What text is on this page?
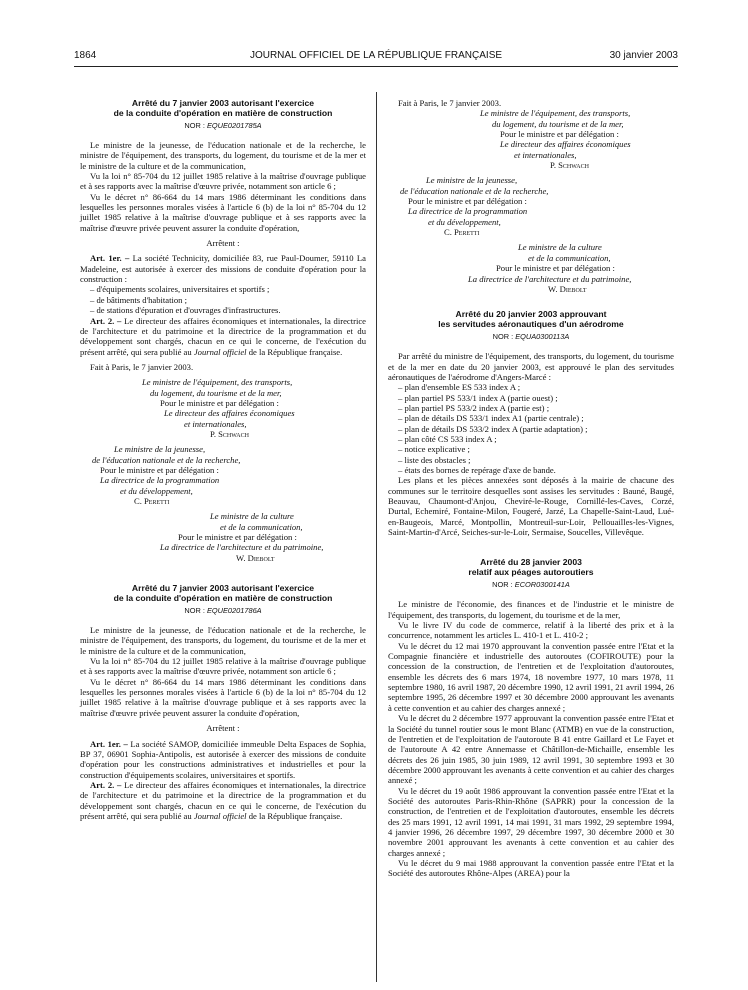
1864	JOURNAL OFFICIEL DE LA RÉPUBLIQUE FRANÇAISE	30 janvier 2003
Arrêté du 7 janvier 2003 autorisant l'exercice
de la conduite d'opération en matière de construction
NOR : EQUE0201785A

Le ministre de la jeunesse, de l'éducation nationale et de la recherche, le ministre de l'équipement, des transports, du logement, du tourisme et de la mer et le ministre de la culture et de la communication,

Vu la loi n° 85-704 du 12 juillet 1985 relative à la maîtrise d'ouvrage publique et à ses rapports avec la maîtrise d'œuvre privée, notamment son article 6 ;

Vu le décret n° 86-664 du 14 mars 1986 déterminant les conditions dans lesquelles les personnes morales visées à l'article 6 (b) de la loi n° 85-704 du 12 juillet 1985 relative à la maîtrise d'ouvrage publique et à ses rapports avec la maîtrise d'œuvre privée peuvent assurer la conduite d'opération,

Arrêtent :

Art. 1er. – La société Technicity, domiciliée 83, rue Paul-Doumer, 59110 La Madeleine, est autorisée à exercer des missions de conduite d'opération pour la construction :

– d'équipements scolaires, universitaires et sportifs ;

– de bâtiments d'habitation ;

– de stations d'épuration et d'ouvrages d'infrastructures.

Art. 2. – Le directeur des affaires économiques et internationales, la directrice de l'architecture et du patrimoine et la directrice de la programmation et du développement sont chargés, chacun en ce qui le concerne, de l'exécution du présent arrêté, qui sera publié au Journal officiel de la République française.

Fait à Paris, le 7 janvier 2003.

Le ministre de l'équipement, des transports,
du logement, du tourisme et de la mer,
Pour le ministre et par délégation :
Le directeur des affaires économiques
et internationales,
P. Schwach
Le ministre de la jeunesse,
de l'éducation nationale et de la recherche,
Pour le ministre et par délégation :
La directrice de la programmation
et du développement,
C. Peretti
Le ministre de la culture
et de la communication,
Pour le ministre et par délégation :
La directrice de l'architecture et du patrimoine,
W. Diebolt
Arrêté du 7 janvier 2003 autorisant l'exercice
de la conduite d'opération en matière de construction
NOR : EQUE0201786A

Le ministre de la jeunesse, de l'éducation nationale et de la recherche, le ministre de l'équipement, des transports, du logement, du tourisme et de la mer et le ministre de la culture et de la communication,

Vu la loi n° 85-704 du 12 juillet 1985 relative à la maîtrise d'ouvrage publique et à ses rapports avec la maîtrise d'œuvre privée, notamment son article 6 ;

Vu le décret n° 86-664 du 14 mars 1986 déterminant les conditions dans lesquelles les personnes morales visées à l'article 6 (b) de la loi n° 85-704 du 12 juillet 1985 relative à la maîtrise d'ouvrage publique et à ses rapports avec la maîtrise d'œuvre privée peuvent assurer la conduite d'opération,

Arrêtent :

Art. 1er. – La société SAMOP, domiciliée immeuble Delta Espaces de Sophia, BP 37, 06901 Sophia-Antipolis, est autorisée à exercer des missions de conduite d'opération pour les constructions administratives et industrielles et pour la construction d'équipements scolaires, universitaires et sportifs.

Art. 2. – Le directeur des affaires économiques et internationales, la directrice de l'architecture et du patrimoine et la directrice de la programmation et du développement sont chargés, chacun en ce qui le concerne, de l'exécution du présent arrêté, qui sera publié au Journal officiel de la République française.

Fait à Paris, le 7 janvier 2003.

Le ministre de l'équipement, des transports,
du logement, du tourisme et de la mer,
Pour le ministre et par délégation :
Le directeur des affaires économiques
et internationales,
P. Schwach
Le ministre de la jeunesse,
de l'éducation nationale et de la recherche,
Pour le ministre et par délégation :
La directrice de la programmation
et du développement,
C. Peretti
Le ministre de la culture
et de la communication,
Pour le ministre et par délégation :
La directrice de l'architecture et du patrimoine,
W. Diebolt
Arrêté du 20 janvier 2003 approuvant
les servitudes aéronautiques d'un aérodrome
NOR : EQUA0300113A

Par arrêté du ministre de l'équipement, des transports, du logement, du tourisme et de la mer en date du 20 janvier 2003, est approuvé le plan des servitudes aéronautiques de l'aérodrome d'Angers-Marcé :

– plan d'ensemble ES 533 index A ;

– plan partiel PS 533/1 index A (partie ouest) ;

– plan partiel PS 533/2 index A (partie est) ;

– plan de détails DS 533/1 index A1 (partie centrale) ;

– plan de détails DS 533/2 index A (partie adaptation) ;

– plan côté CS 533 index A ;

– notice explicative ;

– liste des obstacles ;

– états des bornes de repérage d'axe de bande.

Les plans et les pièces annexées sont déposés à la mairie de chacune des communes sur le territoire desquelles sont assises les servitudes : Bauné, Baugé, Beauvau, Chaumont-d'Anjou, Cheviré-le-Rouge, Cornillé-les-Caves, Corzé, Durtal, Echemiré, Fontaine-Milon, Fougeré, Jarzé, La Chapelle-Saint-Laud, Lué-en-Baugeois, Marcé, Montpollin, Montreuil-sur-Loir, Pellouailles-les-Vignes, Saint-Martin-d'Arcé, Seiches-sur-le-Loir, Sermaise, Soucelles, Villevêque.

Arrêté du 28 janvier 2003
relatif aux péages autoroutiers
NOR : ECOR0300141A

Le ministre de l'économie, des finances et de l'industrie et le ministre de l'équipement, des transports, du logement, du tourisme et de la mer,

Vu le livre IV du code de commerce, relatif à la liberté des prix et à la concurrence, notamment les articles L. 410-1 et L. 410-2 ;

Vu le décret du 12 mai 1970 approuvant la convention passée entre l'Etat et la Compagnie financière et industrielle des autoroutes (COFIROUTE) pour la concession de la construction, de l'entretien et de l'exploitation d'autoroutes, ensemble les décrets des 6 mars 1974, 18 novembre 1977, 10 mars 1978, 11 septembre 1980, 16 avril 1987, 20 décembre 1990, 12 avril 1991, 21 avril 1994, 26 septembre 1995, 26 décembre 1997 et 30 décembre 2000 approuvant les avenants à cette convention et au cahier des charges annexé ;

Vu le décret du 2 décembre 1977 approuvant la convention passée entre l'Etat et la Société du tunnel routier sous le mont Blanc (ATMB) en vue de la construction, de l'entretien et de l'exploitation de l'autoroute B 41 entre Gaillard et Le Fayet et de l'autoroute A 42 entre Annemasse et Châtillon-de-Michaille, ensemble les décrets des 26 juin 1985, 30 juin 1989, 12 avril 1991, 30 septembre 1993 et 30 décembre 2000 approuvant les avenants à cette convention et au cahier des charges annexé ;

Vu le décret du 19 août 1986 approuvant la convention passée entre l'Etat et la Société des autoroutes Paris-Rhin-Rhône (SAPRR) pour la concession de la construction, de l'entretien et de l'exploitation d'autoroutes, ensemble les décrets des 25 mars 1991, 12 avril 1991, 14 mai 1991, 31 mars 1992, 29 septembre 1994, 4 janvier 1996, 26 décembre 1997, 29 décembre 1997, 30 décembre 2000 et 30 novembre 2001 approuvant les avenants à cette convention et au cahier des charges annexé ;

Vu le décret du 9 mai 1988 approuvant la convention passée entre l'Etat et la Société des autoroutes Rhône-Alpes (AREA) pour la
